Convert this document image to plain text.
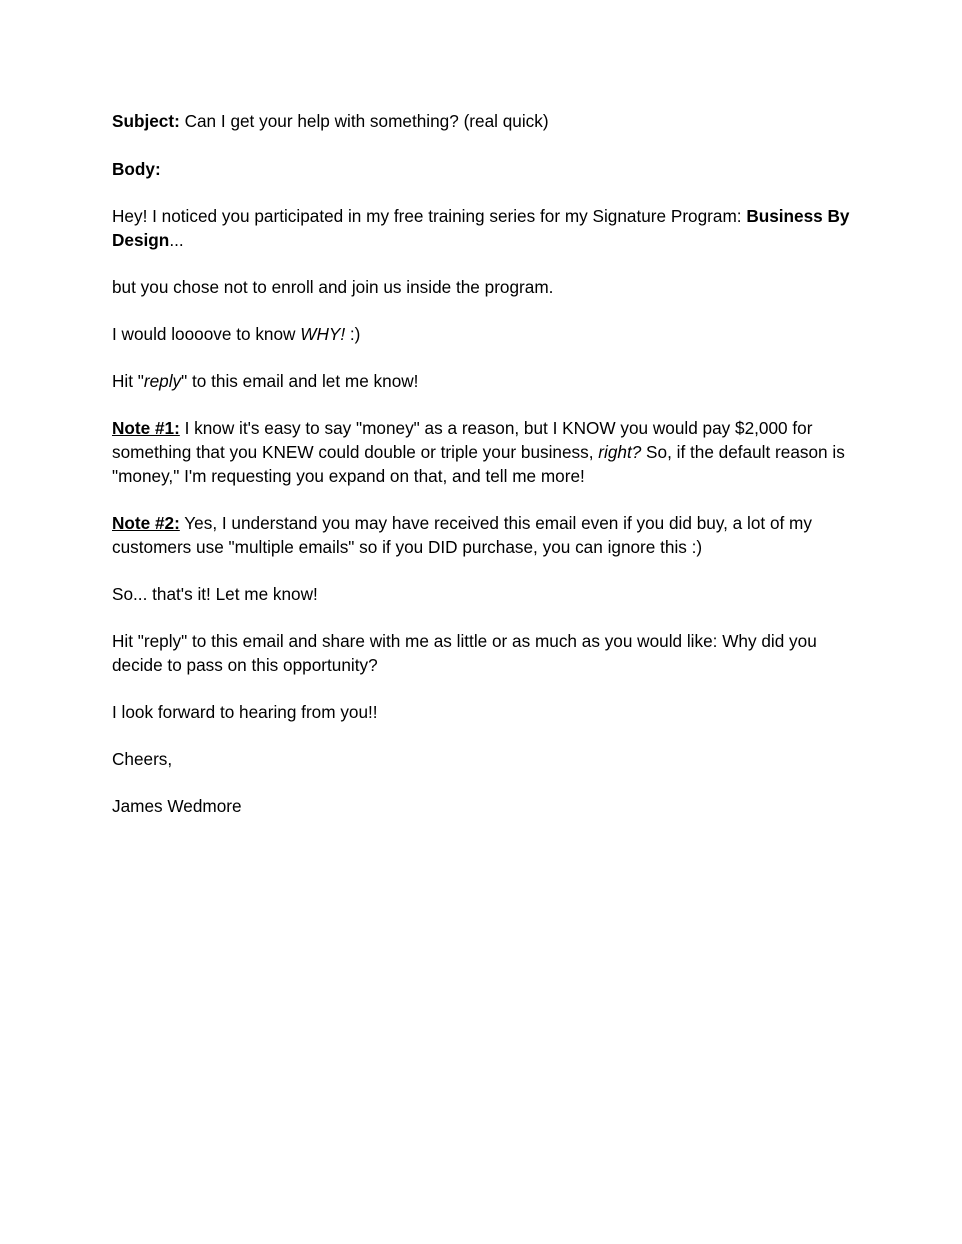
Subject: Can I get your help with something? (real quick)

Body:

Hey! I noticed you participated in my free training series for my Signature Program: Business By Design...

but you chose not to enroll and join us inside the program.

I would loooove to know WHY! :)

Hit "reply" to this email and let me know!

Note #1: I know it's easy to say "money" as a reason, but I KNOW you would pay $2,000 for something that you KNEW could double or triple your business, right? So, if the default reason is "money," I'm requesting you expand on that, and tell me more!

Note #2: Yes, I understand you may have received this email even if you did buy, a lot of my customers use "multiple emails" so if you DID purchase, you can ignore this :)

So... that's it! Let me know!

Hit "reply" to this email and share with me as little or as much as you would like: Why did you decide to pass on this opportunity?

I look forward to hearing from you!!

Cheers,

James Wedmore
